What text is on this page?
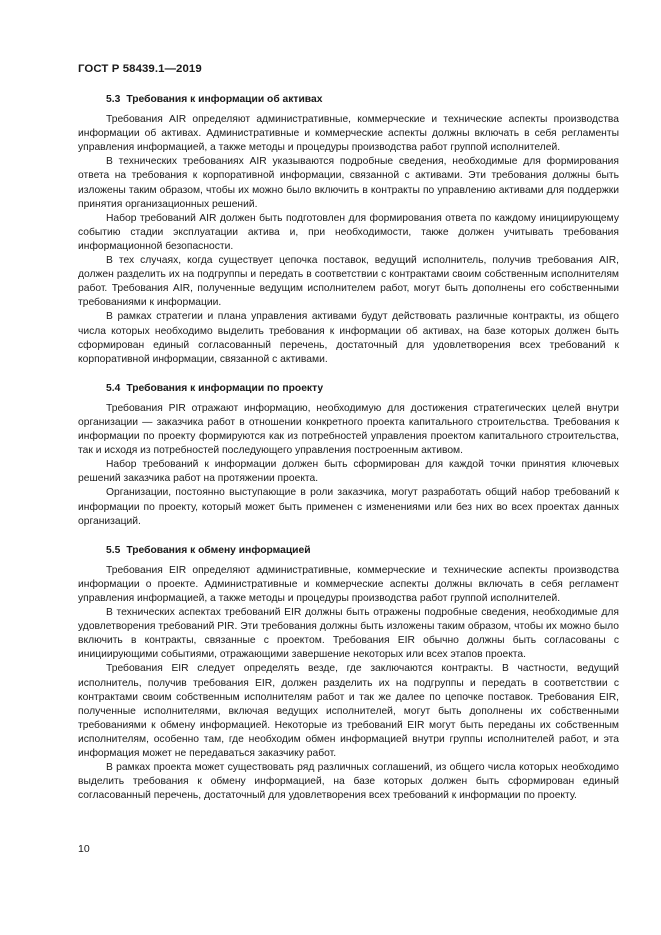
ГОСТ Р 58439.1—2019
5.3 Требования к информации об активах

Требования AIR определяют административные, коммерческие и технические аспекты производства информации об активах. Административные и коммерческие аспекты должны включать в себя регламенты управления информацией, а также методы и процедуры производства работ группой исполнителей.

В технических требованиях AIR указываются подробные сведения, необходимые для формирования ответа на требования к корпоративной информации, связанной с активами. Эти требования должны быть изложены таким образом, чтобы их можно было включить в контракты по управлению активами для поддержки принятия организационных решений.

Набор требований AIR должен быть подготовлен для формирования ответа по каждому инициирующему событию стадии эксплуатации актива и, при необходимости, также должен учитывать требования информационной безопасности.

В тех случаях, когда существует цепочка поставок, ведущий исполнитель, получив требования AIR, должен разделить их на подгруппы и передать в соответствии с контрактами своим собственным исполнителям работ. Требования AIR, полученные ведущим исполнителем работ, могут быть дополнены его собственными требованиями к информации.

В рамках стратегии и плана управления активами будут действовать различные контракты, из общего числа которых необходимо выделить требования к информации об активах, на базе которых должен быть сформирован единый согласованный перечень, достаточный для удовлетворения всех требований к корпоративной информации, связанной с активами.

5.4 Требования к информации по проекту

Требования PIR отражают информацию, необходимую для достижения стратегических целей внутри организации — заказчика работ в отношении конкретного проекта капитального строительства. Требования к информации по проекту формируются как из потребностей управления проектом капитального строительства, так и исходя из потребностей последующего управления построенным активом.

Набор требований к информации должен быть сформирован для каждой точки принятия ключевых решений заказчика работ на протяжении проекта.

Организации, постоянно выступающие в роли заказчика, могут разработать общий набор требований к информации по проекту, который может быть применен с изменениями или без них во всех проектах данных организаций.

5.5 Требования к обмену информацией

Требования EIR определяют административные, коммерческие и технические аспекты производства информации о проекте. Административные и коммерческие аспекты должны включать в себя регламент управления информацией, а также методы и процедуры производства работ группой исполнителей.

В технических аспектах требований EIR должны быть отражены подробные сведения, необходимые для удовлетворения требований PIR. Эти требования должны быть изложены таким образом, чтобы их можно было включить в контракты, связанные с проектом. Требования EIR обычно должны быть согласованы с инициирующими событиями, отражающими завершение некоторых или всех этапов проекта.

Требования EIR следует определять везде, где заключаются контракты. В частности, ведущий исполнитель, получив требования EIR, должен разделить их на подгруппы и передать в соответствии с контрактами своим собственным исполнителям работ и так же далее по цепочке поставок. Требования EIR, полученные исполнителями, включая ведущих исполнителей, могут быть дополнены их собственными требованиями к обмену информацией. Некоторые из требований EIR могут быть переданы их собственным исполнителям, особенно там, где необходим обмен информацией внутри группы исполнителей работ, и эта информация может не передаваться заказчику работ.

В рамках проекта может существовать ряд различных соглашений, из общего числа которых необходимо выделить требования к обмену информацией, на базе которых должен быть сформирован единый согласованный перечень, достаточный для удовлетворения всех требований к информации по проекту.

10
